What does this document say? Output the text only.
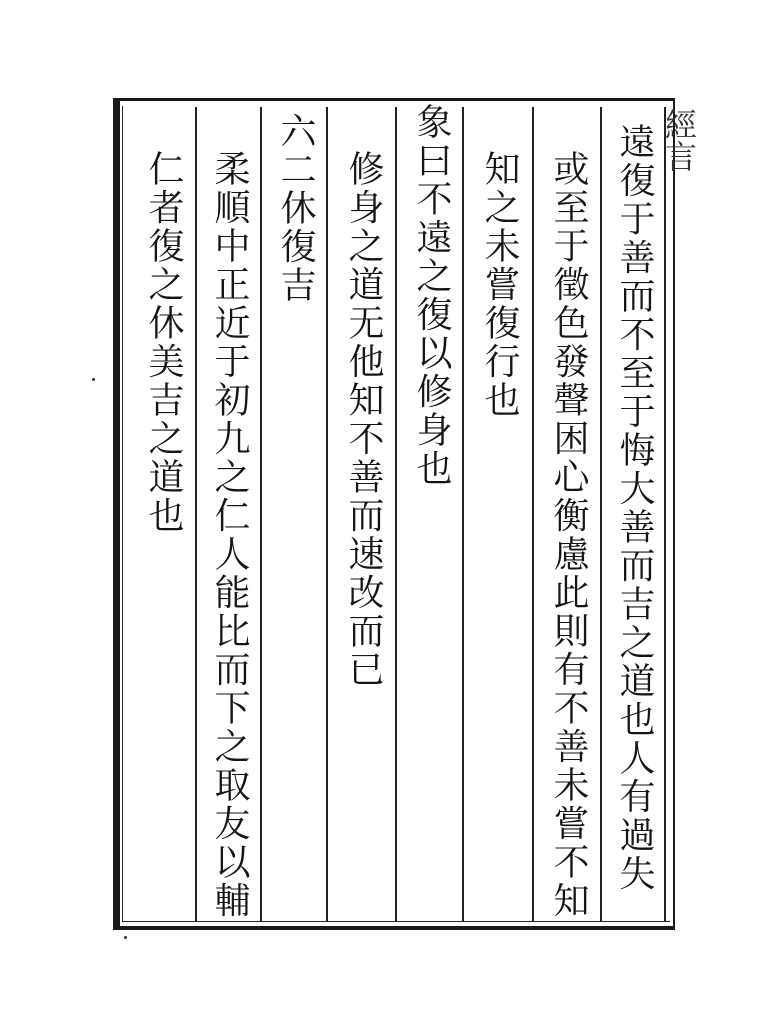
遠復于善而不至于悔大善而吉之道也人有過失
或至于徵色發聲困心衡慮此則有不善未嘗不知
知之未嘗復行也
象曰不遠之復以修身也
修身之道无他知不善而速改而已
六二休復吉
柔順中正近于初九之仁人能比而下之取友以輔
仁者復之休美吉之道也
經言
